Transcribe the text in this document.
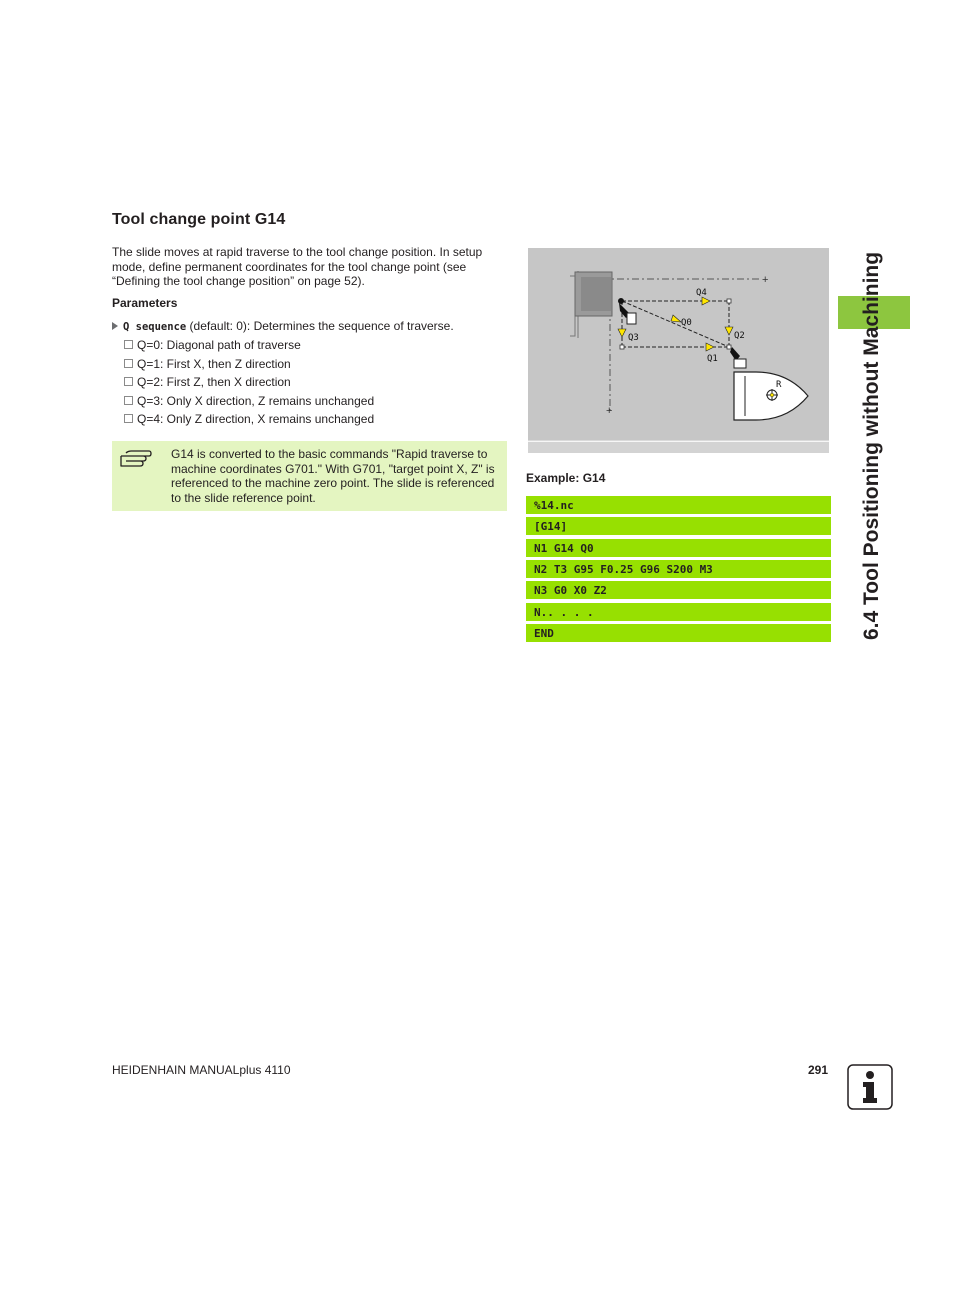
Tool change point G14
The slide moves at rapid traverse to the tool change position. In setup mode, define permanent coordinates for the tool change point (see “Defining the tool change position” on page 52).
Parameters
Q sequence (default: 0): Determines the sequence of traverse.
Q=0: Diagonal path of traverse
Q=1: First X, then Z direction
Q=2: First Z, then X direction
Q=3: Only X direction, Z remains unchanged
Q=4: Only Z direction, X remains unchanged
G14 is converted to the basic commands "Rapid traverse to machine coordinates G701." With G701, "target point X, Z" is referenced to the machine zero point. The slide is referenced to the slide reference point.
+
+
Q4
Q0
Q3	Q2
Q1
R
Example: G14
%14.nc
[G14]
N1 G14 Q0
N2 T3 G95 F0.25 G96 S200 M3
N3 G0 X0 Z2
N.. . . .
END	6.4 Tool Positioning without Machining
HEIDENHAIN MANUALplus 4110	291
